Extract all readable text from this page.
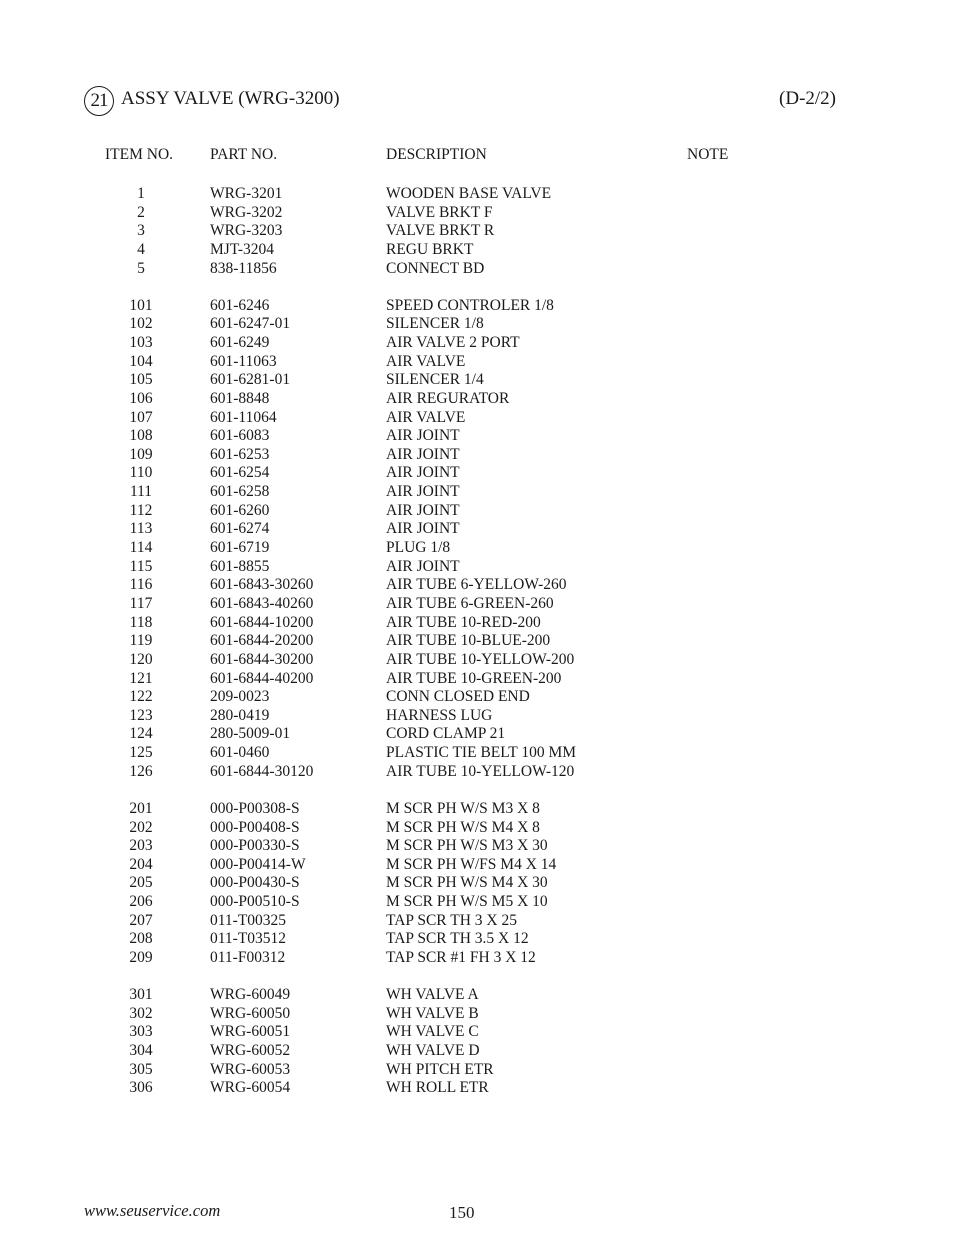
21 ASSY VALVE (WRG-3200)	(D-2/2)
ITEM NO. PART NO.	DESCRIPTION	NOTE
1	WRG-3201	WOODEN BASE VALVE
2	WRG-3202	VALVE BRKT F
3	WRG-3203	VALVE BRKT R
4	MJT-3204	REGU BRKT
5	838-11856	CONNECT BD
101	601-6246	SPEED CONTROLER 1/8
102	601-6247-01	SILENCER 1/8
103	601-6249	AIR VALVE 2 PORT
104	601-11063	AIR VALVE
105	601-6281-01	SILENCER 1/4
106	601-8848	AIR REGURATOR
107	601-11064	AIR VALVE
108	601-6083	AIR JOINT
109	601-6253	AIR JOINT
110	601-6254	AIR JOINT
111	601-6258	AIR JOINT
112	601-6260	AIR JOINT
113	601-6274	AIR JOINT
114	601-6719	PLUG 1/8
115	601-8855	AIR JOINT
116	601-6843-30260	AIR TUBE 6-YELLOW-260
117	601-6843-40260	AIR TUBE 6-GREEN-260
118	601-6844-10200	AIR TUBE 10-RED-200
119	601-6844-20200	AIR TUBE 10-BLUE-200
120	601-6844-30200	AIR TUBE 10-YELLOW-200
121	601-6844-40200	AIR TUBE 10-GREEN-200
122	209-0023	CONN CLOSED END
123	280-0419	HARNESS LUG
124	280-5009-01	CORD CLAMP 21
125	601-0460	PLASTIC TIE BELT 100 MM
126	601-6844-30120	AIR TUBE 10-YELLOW-120
201	000-P00308-S	M SCR PH W/S M3 X 8
202	000-P00408-S	M SCR PH W/S M4 X 8
203	000-P00330-S	M SCR PH W/S M3 X 30
204	000-P00414-W	M SCR PH W/FS M4 X 14
205	000-P00430-S	M SCR PH W/S M4 X 30
206	000-P00510-S	M SCR PH W/S M5 X 10
207	011-T00325	TAP SCR TH 3 X 25
208	011-T03512	TAP SCR TH 3.5 X 12
209	011-F00312	TAP SCR #1 FH 3 X 12
301	WRG-60049	WH VALVE A
302	WRG-60050	WH VALVE B
303	WRG-60051	WH VALVE C
304	WRG-60052	WH VALVE D
305	WRG-60053	WH PITCH ETR
306	WRG-60054	WH ROLL ETR
www.seuservice.com	150
